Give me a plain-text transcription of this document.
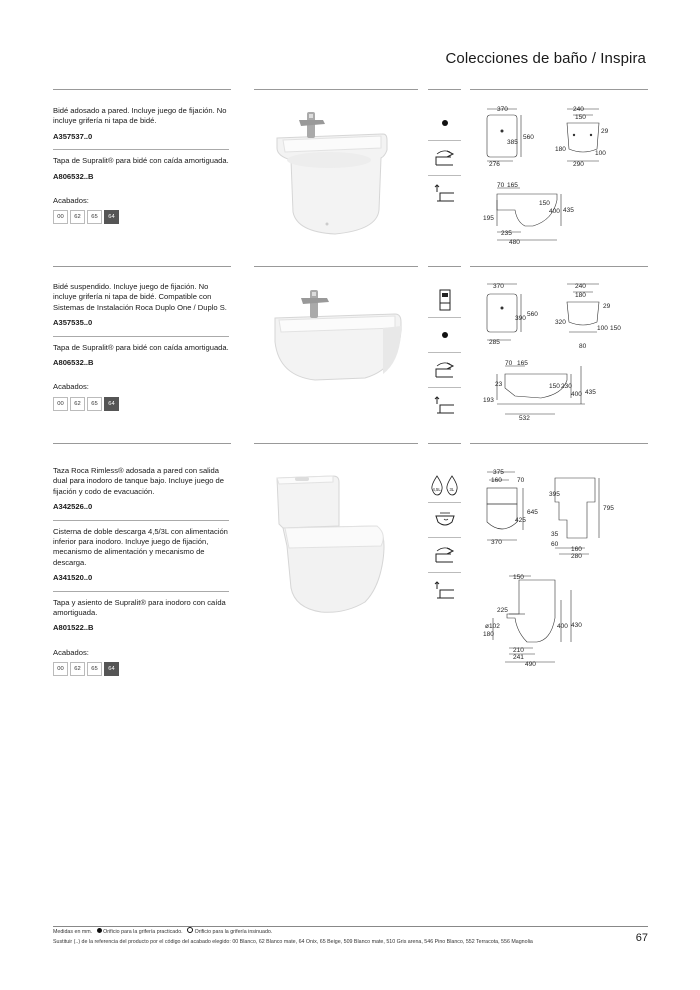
Colecciones de baño / Inspira

Bidé adosado a pared. Incluye juego de fijación. No incluye grifería ni tapa de bidé.

A357537..0

Tapa de Supralit® para bidé con caída amortiguada.

A806532..B
Acabados:
00	62	65	64
370
385
560
276
240
150
29
180
100
290
70 165
150
400 435
195
235
480

Bidé suspendido. Incluye juego de fijación. No incluye grifería ni tapa de bidé. Compatible con Sistemas de Instalación Roca Duplo One / Duplo S.

A357535..0

Tapa de Supralit® para bidé con caída amortiguada.

A806532..B
Acabados:
00	62	65	64
370
390
560
285
240
180
29
320
100 150
80
70 165
23	150 230
400 435
193
532

Taza Roca Rimless® adosada a pared con salida dual para inodoro de tanque bajo. Incluye juego de fijación y codo de evacuación.

A342526..0

Cisterna de doble descarga 4,5/3L con alimentación inferior para inodoro. Incluye juego de fijación, mecanismo de alimentación y mecanismo de descarga.

A341520..0

Tapa y asiento de Supralit® para inodoro con caída amortiguada.

A801522..B
Acabados:
00	62	65	64
4,5L 3L
375
160 70
645
425
370
395
795
35
60
160
280
150
225
ø102
180
400 430
210
241
490
Medidas en mm. Orificio para la grifería practicado. Orificio para la grifería insinuado.
Sustituir (..) de la referencia del producto por el código del acabado elegido: 00 Blanco, 62 Blanco mate, 64 Onix, 65 Beige, 509 Blanco mate, 510 Gris arena, 546 Pino Blanco, 552 Terracota, 556 Magnolia	67
